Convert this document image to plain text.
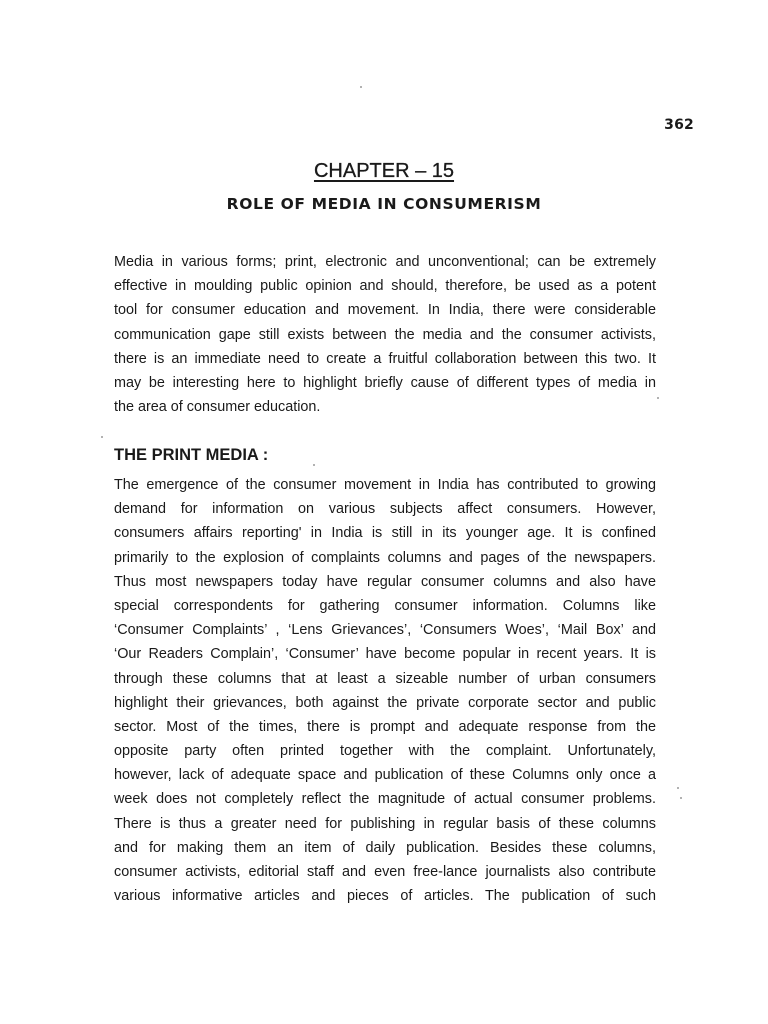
362
CHAPTER – 15
ROLE OF MEDIA IN CONSUMERISM
Media in various forms; print, electronic and unconventional; can be extremely
effective in moulding public opinion and should, therefore, be used as a potent
tool for consumer education and movement. In India, there were considerable
communication gape still exists between the media and the consumer activists,
there is an immediate need to create a fruitful collaboration between this two. It
may be interesting here to highlight briefly cause of different types of media in
the area of consumer education.
THE PRINT MEDIA :
The emergence of the consumer movement in India has contributed to growing
demand for information on various subjects affect consumers. However,
consumers affairs reporting' in India is still in its younger age. It is confined
primarily to the explosion of complaints columns and pages of the newspapers.
Thus most newspapers today have regular consumer columns and also have
special correspondents for gathering consumer information. Columns like
‘Consumer Complaints’ , ‘Lens Grievances’, ‘Consumers Woes’, ‘Mail Box’ and
‘Our Readers Complain’, ‘Consumer’ have become popular in recent years. It is
through these columns that at least a sizeable number of urban consumers
highlight their grievances, both against the private corporate sector and public
sector. Most of the times, there is prompt and adequate response from the
opposite party often printed together with the complaint. Unfortunately,
however, lack of adequate space and publication of these Columns only once a
week does not completely reflect the magnitude of actual consumer problems.
There is thus a greater need for publishing in regular basis of these columns
and for making them an item of daily publication. Besides these columns,
consumer activists, editorial staff and even free-lance journalists also contribute
various informative articles and pieces of articles. The publication of such
